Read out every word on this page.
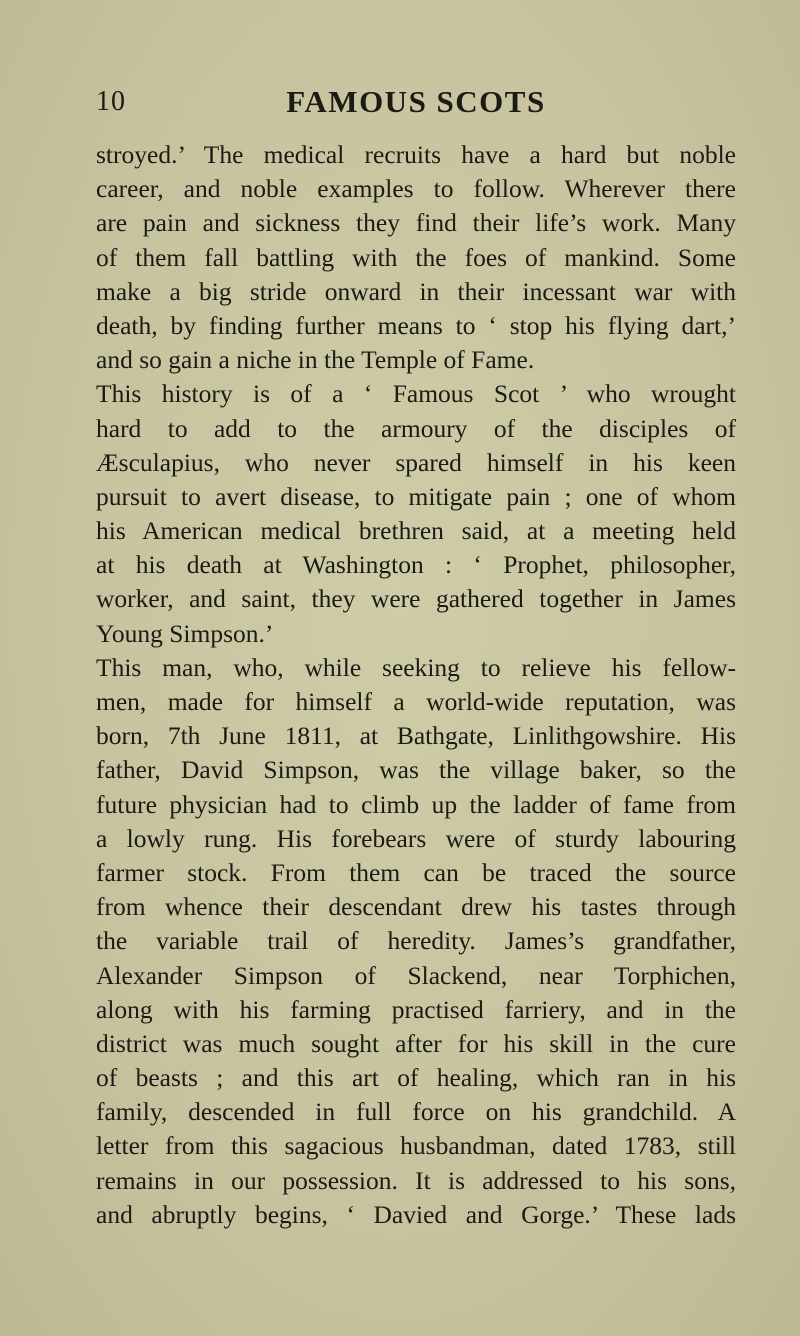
10	FAMOUS SCOTS
stroyed.’ The medical recruits have a hard but noble
career, and noble examples to follow. Wherever there
are pain and sickness they find their life’s work. Many
of them fall battling with the foes of mankind. Some
make a big stride onward in their incessant war with
death, by finding further means to ‘ stop his flying dart,’
and so gain a niche in the Temple of Fame.
This history is of a ‘ Famous Scot ’ who wrought
hard to add to the armoury of the disciples of
Æsculapius, who never spared himself in his keen
pursuit to avert disease, to mitigate pain ; one of whom
his American medical brethren said, at a meeting held
at his death at Washington : ‘ Prophet, philosopher,
worker, and saint, they were gathered together in James
Young Simpson.’
This man, who, while seeking to relieve his fellow-
men, made for himself a world-wide reputation, was
born, 7th June 1811, at Bathgate, Linlithgowshire. His
father, David Simpson, was the village baker, so the
future physician had to climb up the ladder of fame from
a lowly rung. His forebears were of sturdy labouring
farmer stock. From them can be traced the source
from whence their descendant drew his tastes through
the variable trail of heredity. James’s grandfather,
Alexander Simpson of Slackend, near Torphichen,
along with his farming practised farriery, and in the
district was much sought after for his skill in the cure
of beasts ; and this art of healing, which ran in his
family, descended in full force on his grandchild. A
letter from this sagacious husbandman, dated 1783, still
remains in our possession. It is addressed to his sons,
and abruptly begins, ‘ Davied and Gorge.’ These lads
